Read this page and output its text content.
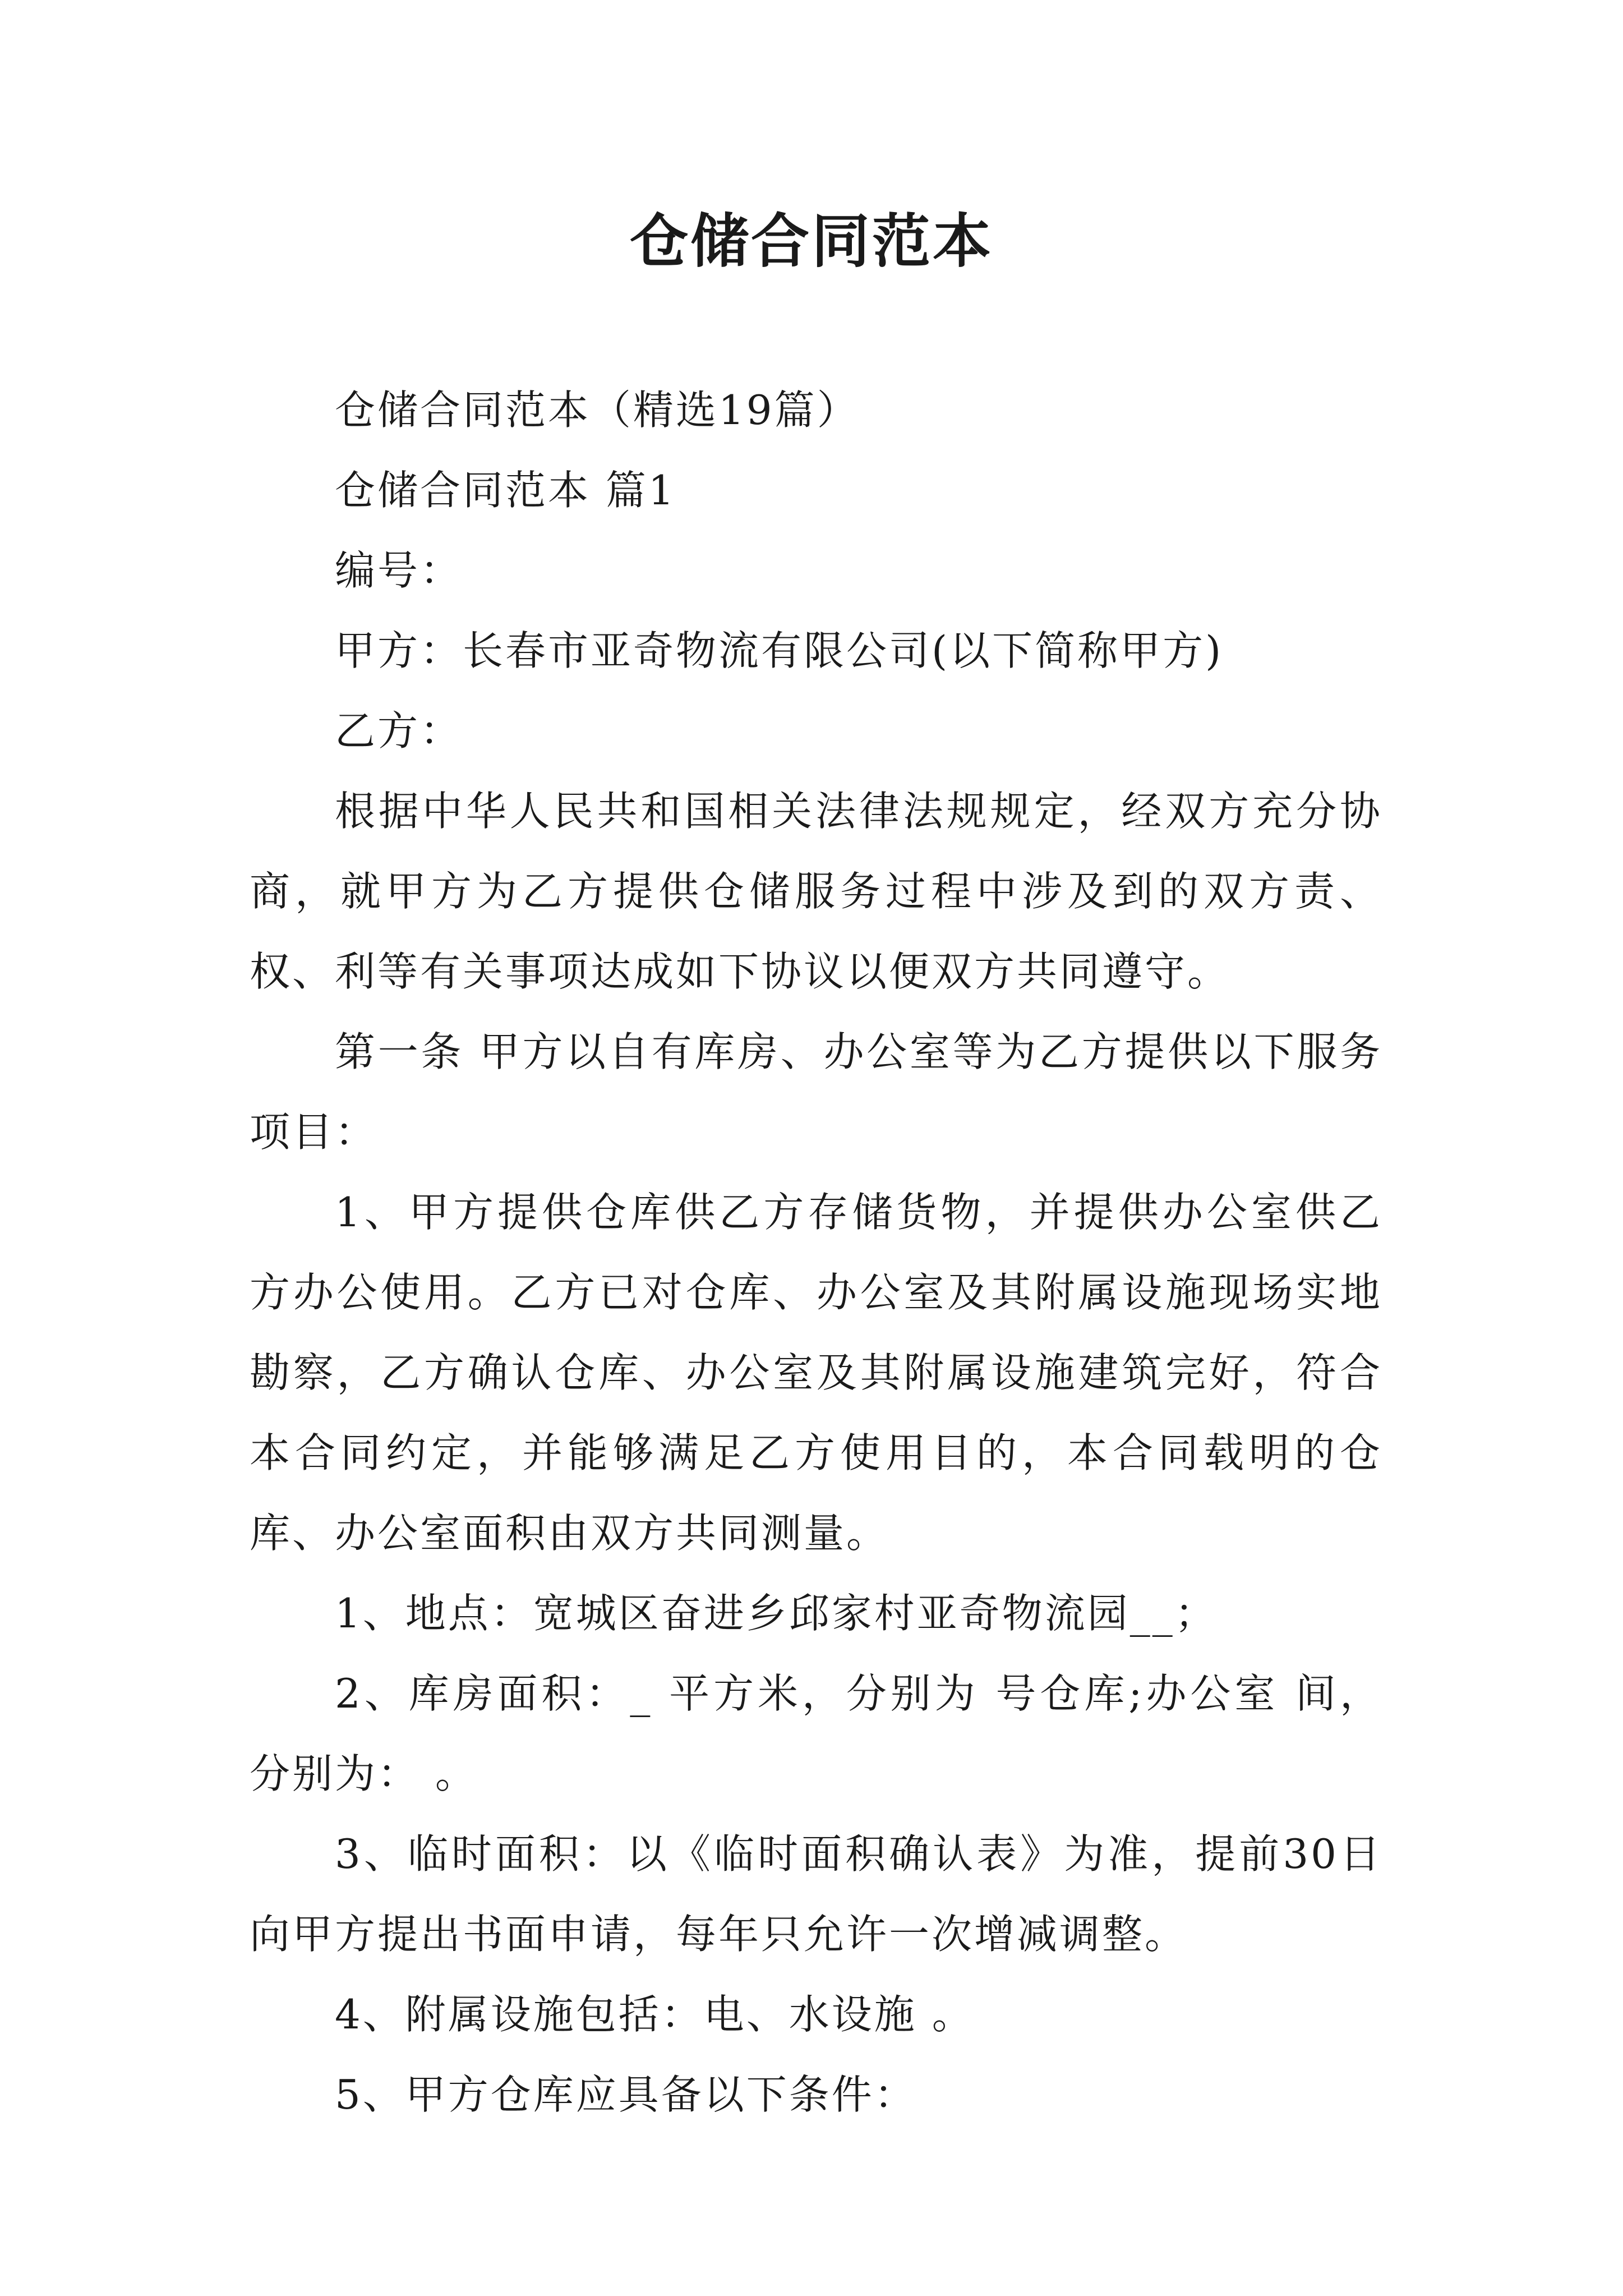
仓储合同范本

仓储合同范本（精选19篇）

仓储合同范本 篇1

编号：

甲方：长春市亚奇物流有限公司(以下简称甲方)

乙方：

根据中华人民共和国相关法律法规规定，经双方充分协商，就甲方为乙方提供仓储服务过程中涉及到的双方责、权、利等有关事项达成如下协议以便双方共同遵守。

第一条 甲方以自有库房、办公室等为乙方提供以下服务项目：

1、甲方提供仓库供乙方存储货物，并提供办公室供乙方办公使用。乙方已对仓库、办公室及其附属设施现场实地勘察，乙方确认仓库、办公室及其附属设施建筑完好，符合本合同约定，并能够满足乙方使用目的，本合同载明的仓库、办公室面积由双方共同测量。

1、地点：宽城区奋进乡邱家村亚奇物流园__；

2、库房面积：_ 平方米，分别为 号仓库;办公室 间，分别为： 。

3、临时面积：以《临时面积确认表》为准，提前30日向甲方提出书面申请，每年只允许一次增减调整。

4、附属设施包括：电、水设施 。

5、甲方仓库应具备以下条件：
